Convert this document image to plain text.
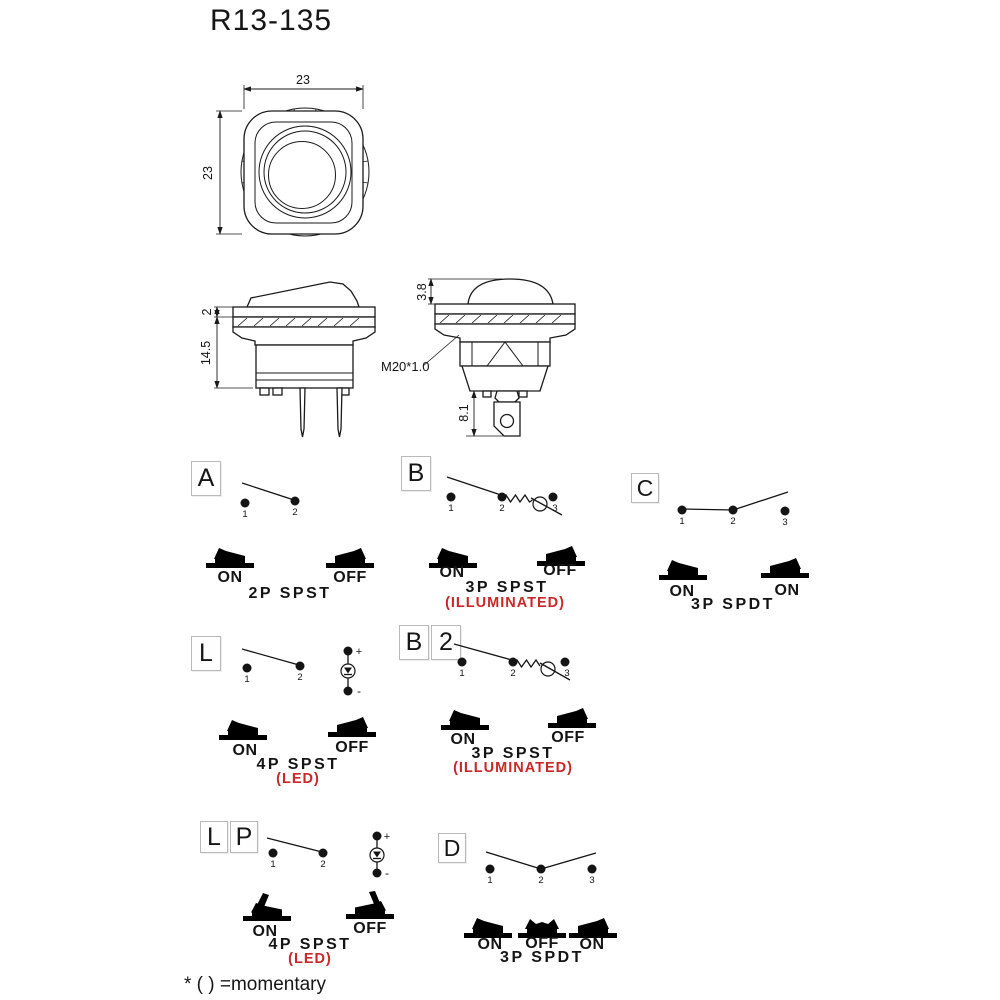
R13-135
23
23
2
14.5
3.8
M20*1.0
8.1
A
1	2
ON	OFF
2P SPST
B
1	2	3
ON	OFF
3P SPST
(ILLUMINATED)
C
1	2	3
ON	ON
3P SPDT
L
1	2
+
-
ON	OFF
4P SPST
(LED)
B 2
1	2	3
ON	OFF
3P SPST
(ILLUMINATED)
L P
1	2
+
-
ON	OFF
4P SPST
(LED)
D
1	2	3
ON OFF ON
3P SPDT
* ( ) =momentary
